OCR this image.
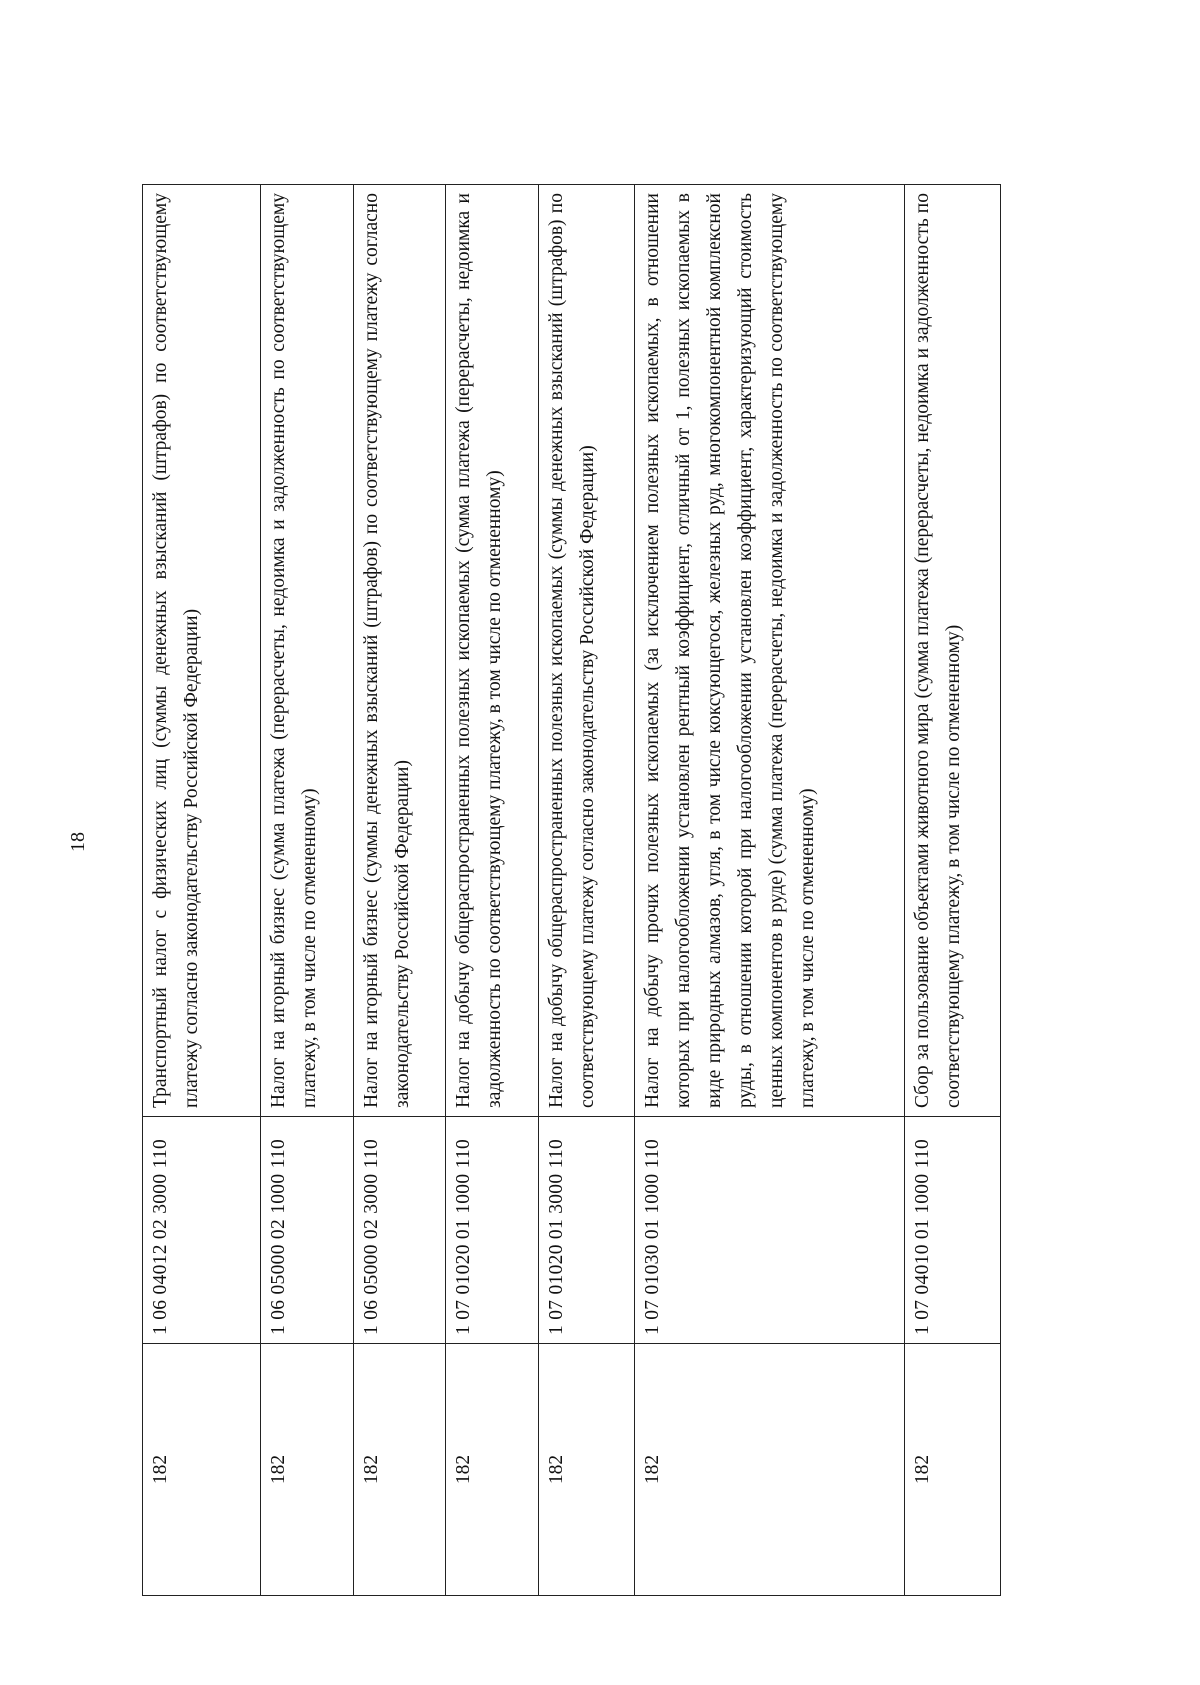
18
182	1 06 04012 02 3000 110	Транспортный налог с физических лиц (суммы денежных взысканий (штрафов) по соответствующему платежу согласно законодательству Российской Федерации)
182	1 06 05000 02 1000 110	Налог на игорный бизнес (сумма платежа (перерасчеты, недоимка и задолженность по соответствующему платежу, в том числе по отмененному)
182	1 06 05000 02 3000 110	Налог на игорный бизнес (суммы денежных взысканий (штрафов) по соответствующему платежу согласно законодательству Российской Федерации)
182	1 07 01020 01 1000 110	Налог на добычу общераспространенных полезных ископаемых (сумма платежа (перерасчеты, недоимка и задолженность по соответствующему платежу, в том числе по отмененному)
182	1 07 01020 01 3000 110	Налог на добычу общераспространенных полезных ископаемых (суммы денежных взысканий (штрафов) по соответствующему платежу согласно законодательству Российской Федерации)
182	1 07 01030 01 1000 110	Налог на добычу прочих полезных ископаемых (за исключением полезных ископаемых, в отношении которых при налогообложении установлен рентный коэффициент, отличный от 1, полезных ископаемых в виде природных алмазов, угля, в том числе коксующегося, железных руд, многокомпонентной комплексной руды, в отношении которой при налогообложении установлен коэффициент, характеризующий стоимость ценных компонентов в руде) (сумма платежа (перерасчеты, недоимка и задолженность по соответствующему платежу, в том числе по отмененному)
182	1 07 04010 01 1000 110	Сбор за пользование объектами животного мира (сумма платежа (перерасчеты, недоимка и задолженность по соответствующему платежу, в том числе по отмененному)
